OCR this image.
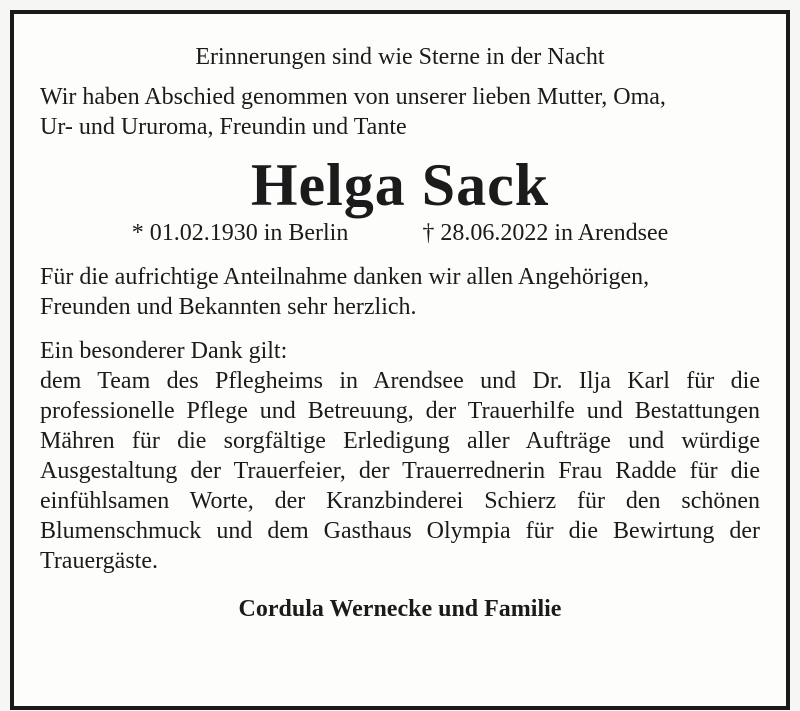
Erinnerungen sind wie Sterne in der Nacht
Wir haben Abschied genommen von unserer lieben Mutter, Oma,
Ur- und Ururoma, Freundin und Tante
Helga Sack
* 01.02.1930 in Berlin	† 28.06.2022 in Arendsee
Für die aufrichtige Anteilnahme danken wir allen Angehörigen,
Freunden und Bekannten sehr herzlich.
Ein besonderer Dank gilt:
dem Team des Pflegheims in Arendsee und Dr. Ilja Karl für die professionelle Pflege und Betreuung, der Trauerhilfe und Bestattungen Mähren für die sorgfältige Erledigung aller Aufträge und würdige Ausgestaltung der Trauerfeier, der Trauerrednerin Frau Radde für die einfühlsamen Worte, der Kranzbinderei Schierz für den schönen Blumenschmuck und dem Gasthaus Olympia für die Bewirtung der Trauergäste.
Cordula Wernecke und Familie
